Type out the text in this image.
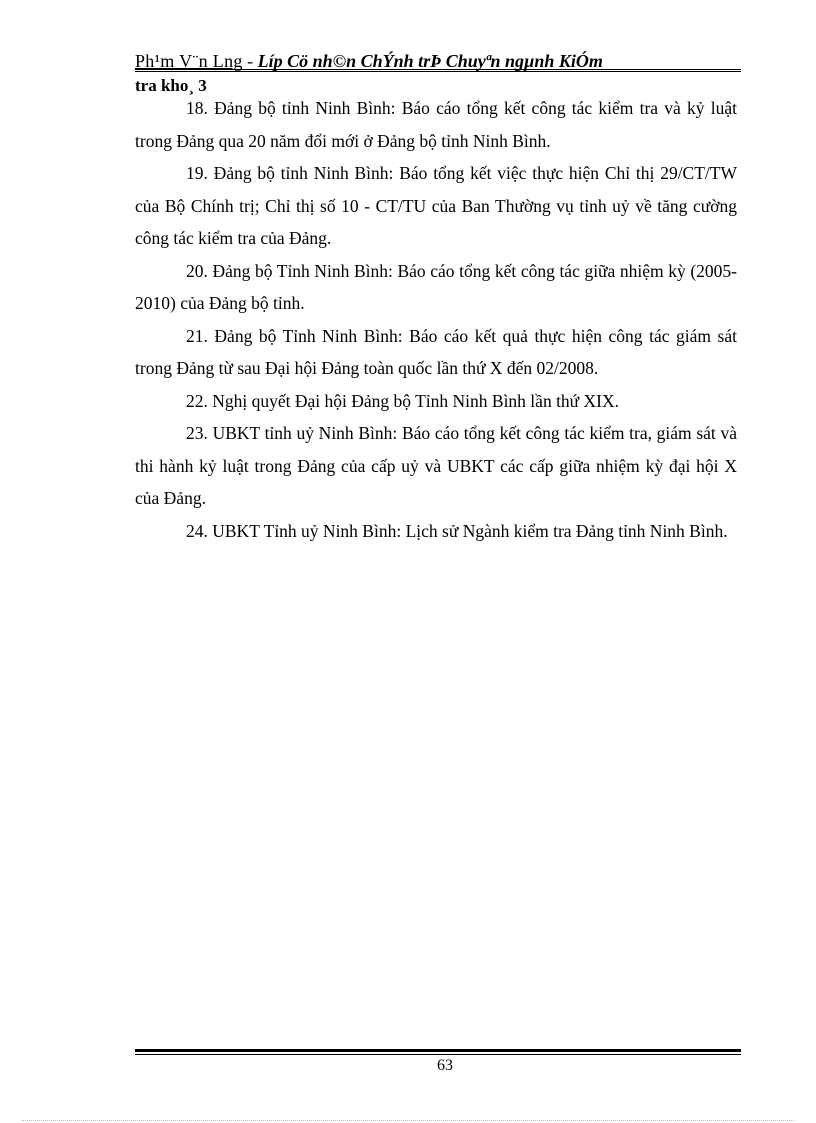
Ph¹m V¨n Lng - Líp Cö nh©n ChÝnh trÞ Chuyªn ngµnh KiÓm
tra kho¸ 3

18. Đảng bộ tỉnh Ninh Bình: Báo cáo tổng kết công tác kiểm tra và kỷ luật trong Đảng qua 20 năm đổi mới ở Đảng bộ tỉnh Ninh Bình.

19. Đảng bộ tỉnh Ninh Bình: Báo tổng kết việc thực hiện Chỉ thị 29/CT/TW của Bộ Chính trị; Chỉ thị số 10 - CT/TU của Ban Thường vụ tỉnh uỷ về tăng cường công tác kiểm tra của Đảng.

20. Đảng bộ Tỉnh Ninh Bình: Báo cáo tổng kết công tác giữa nhiệm kỳ (2005-2010) của Đảng bộ tỉnh.

21. Đảng bộ Tỉnh Ninh Bình: Báo cáo kết quả thực hiện công tác giám sát trong Đảng từ sau Đại hội Đảng toàn quốc lần thứ X đến 02/2008.

22. Nghị quyết Đại hội Đảng bộ Tỉnh Ninh Bình lần thứ XIX.

23. UBKT tỉnh uỷ Ninh Bình: Báo cáo tổng kết công tác kiểm tra, giám sát và thi hành kỷ luật trong Đảng của cấp uỷ và UBKT các cấp giữa nhiệm kỳ đại hội X của Đảng.

24. UBKT Tỉnh uỷ Ninh Bình: Lịch sử Ngành kiểm tra Đảng tỉnh Ninh Bình.

63
